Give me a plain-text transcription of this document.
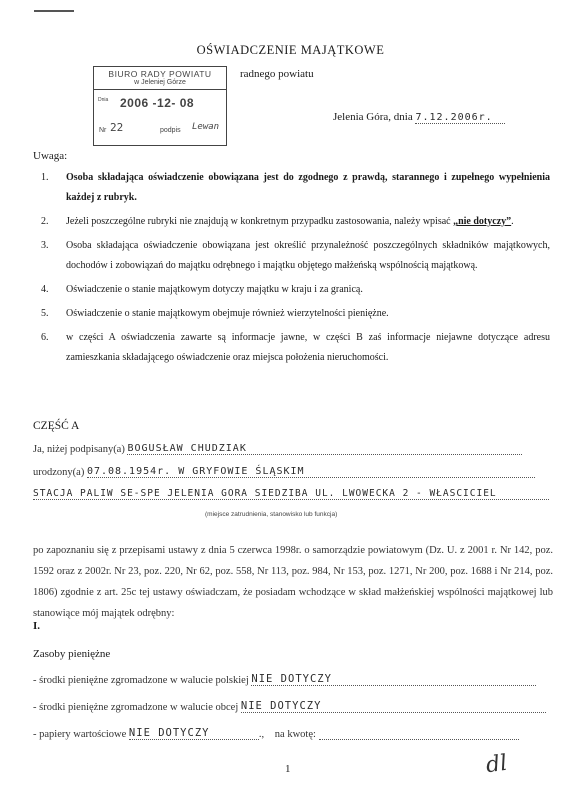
OŚWIADCZENIE MAJĄTKOWE
radnego powiatu
BIURO RADY POWIATU
w Jeleniej Górze
Dnia 2006 -12- 08
Nr 22	podpis Lewan
Jelenia Góra, dnia 7.12.2006r.
Uwaga:
1. Osoba składająca oświadczenie obowiązana jest do zgodnego z prawdą, starannego i zupełnego wypełnienia każdej z rubryk.
2. Jeżeli poszczególne rubryki nie znajdują w konkretnym przypadku zastosowania, należy wpisać „nie dotyczy”.
3. Osoba składająca oświadczenie obowiązana jest określić przynależność poszczególnych składników majątkowych, dochodów i zobowiązań do majątku odrębnego i majątku objętego małżeńską wspólnością majątkową.
4. Oświadczenie o stanie majątkowym dotyczy majątku w kraju i za granicą.
5. Oświadczenie o stanie majątkowym obejmuje również wierzytelności pieniężne.
6. w części A oświadczenia zawarte są informacje jawne, w części B zaś informacje niejawne dotyczące adresu zamieszkania składającego oświadczenie oraz miejsca położenia nieruchomości.
CZĘŚĆ A
Ja, niżej podpisany(a) BOGUSŁAW CHUDZIAK
urodzony(a) 07.08.1954r. W GRYFOWIE ŚLĄSKIM
STACJA PALIW SE-SPE JELENIA GÓRA SIEDZIBA UL. LWÓWECKA 2 - WŁAŚCICIEL
(miejsce zatrudnienia, stanowisko lub funkcja)
po zapoznaniu się z przepisami ustawy z dnia 5 czerwca 1998r. o samorządzie powiatowym (Dz. U. z 2001 r. Nr 142, poz. 1592 oraz z 2002r. Nr 23, poz. 220, Nr 62, poz. 558, Nr 113, poz. 984, Nr 153, poz. 1271, Nr 200, poz. 1688 i Nr 214, poz. 1806) zgodnie z art. 25c tej ustawy oświadczam, że posiadam wchodzące w skład małżeńskiej wspólności majątkowej lub stanowiące mój majątek odrębny:
I.
Zasoby pieniężne
- środki pieniężne zgromadzone w walucie polskiej NIE DOTYCZY
- środki pieniężne zgromadzone w walucie obcej NIE DOTYCZY
- papiery wartościowe NIE DOTYCZY	., na kwotę:
1	dl
